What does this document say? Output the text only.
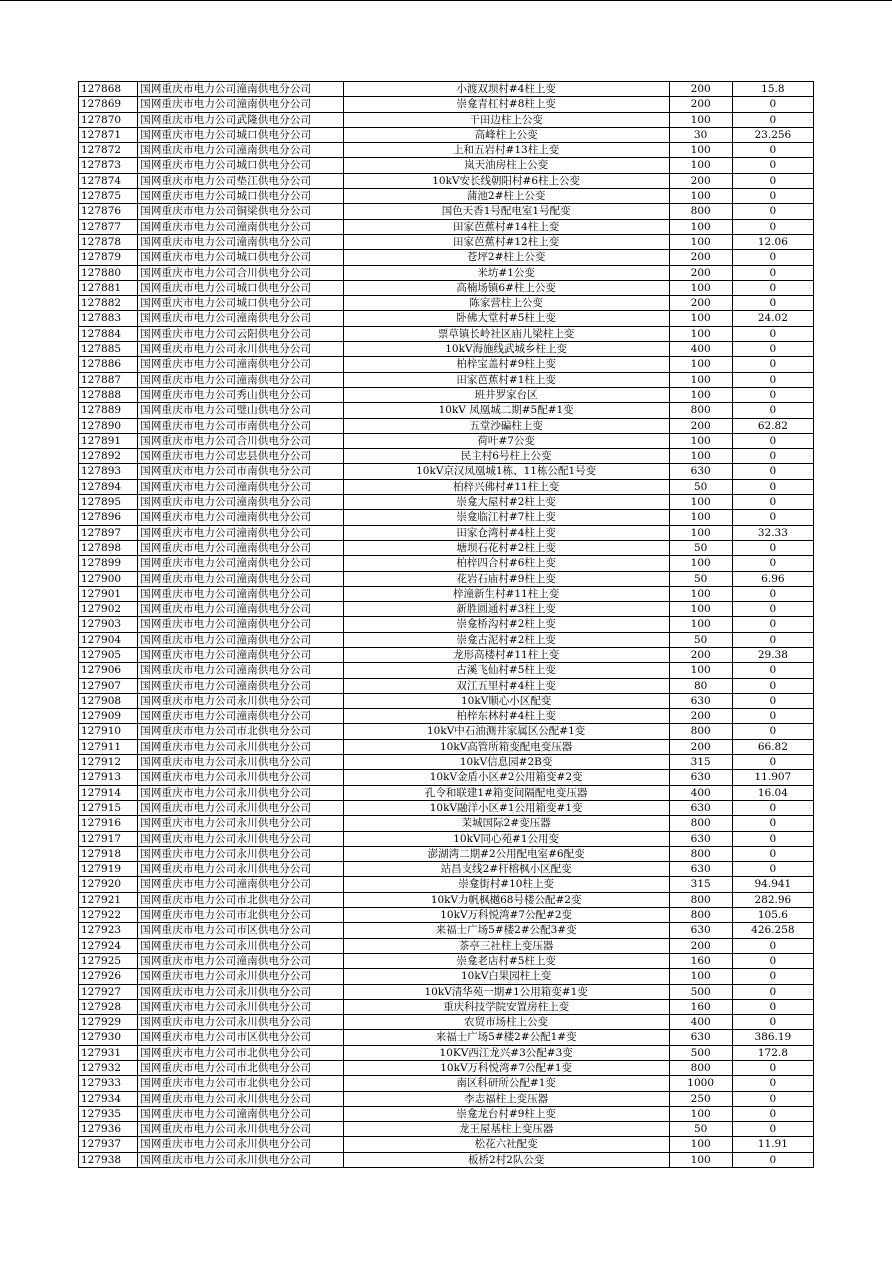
127868	国网重庆市电力公司潼南供电分公司	小渡双坝村#4柱上变	200	15.8
127869	国网重庆市电力公司潼南供电分公司	崇龛青杠村#8柱上变	200	0
127870	国网重庆市电力公司武隆供电分公司	干田边柱上公变	100	0
127871	国网重庆市电力公司城口供电分公司	高峰柱上公变	30	23.256
127872	国网重庆市电力公司潼南供电分公司	上和五岩村#13柱上变	100	0
127873	国网重庆市电力公司城口供电分公司	岚天油房柱上公变	100	0
127874	国网重庆市电力公司垫江供电分公司	10kV安长线朝阳村#6柱上公变	200	0
127875	国网重庆市电力公司城口供电分公司	蒲池2#柱上公变	100	0
127876	国网重庆市电力公司铜梁供电分公司	国色天香1号配电室1号配变	800	0
127877	国网重庆市电力公司潼南供电分公司	田家芭蕉村#14柱上变	100	0
127878	国网重庆市电力公司潼南供电分公司	田家芭蕉村#12柱上变	100	12.06
127879	国网重庆市电力公司城口供电分公司	苍坪2#柱上公变	200	0
127880	国网重庆市电力公司合川供电分公司	米坊#1公变	200	0
127881	国网重庆市电力公司城口供电分公司	高楠场镇6#柱上公变	100	0
127882	国网重庆市电力公司城口供电分公司	陈家营柱上公变	200	0
127883	国网重庆市电力公司潼南供电分公司	卧佛大堂村#5柱上变	100	24.02
127884	国网重庆市电力公司云阳供电分公司	票草镇长岭社区庙儿梁柱上变	100	0
127885	国网重庆市电力公司永川供电分公司	10kV海施线武城乡柱上变	400	0
127886	国网重庆市电力公司潼南供电分公司	柏梓宝盖村#9柱上变	100	0
127887	国网重庆市电力公司潼南供电分公司	田家芭蕉村#1柱上变	100	0
127888	国网重庆市电力公司秀山供电分公司	班井罗家台区	100	0
127889	国网重庆市电力公司璧山供电分公司	10kV 凤凰城二期#5配#1变	800	0
127890	国网重庆市电力公司市南供电分公司	五堂沙碥柱上变	200	62.82
127891	国网重庆市电力公司合川供电分公司	荷叶#7公变	100	0
127892	国网重庆市电力公司忠县供电分公司	民主村6号柱上公变	100	0
127893	国网重庆市电力公司市南供电分公司	10kV京汉凤凰城1栋、11栋公配1号变	630	0
127894	国网重庆市电力公司潼南供电分公司	柏梓兴佛村#11柱上变	50	0
127895	国网重庆市电力公司潼南供电分公司	崇龛大屋村#2柱上变	100	0
127896	国网重庆市电力公司潼南供电分公司	崇龛临江村#7柱上变	100	0
127897	国网重庆市电力公司潼南供电分公司	田家仓湾村#4柱上变	100	32.33
127898	国网重庆市电力公司潼南供电分公司	塘坝石花村#2柱上变	50	0
127899	国网重庆市电力公司潼南供电分公司	柏梓四合村#6柱上变	100	0
127900	国网重庆市电力公司潼南供电分公司	花岩石庙村#9柱上变	50	6.96
127901	国网重庆市电力公司潼南供电分公司	梓潼新生村#11柱上变	100	0
127902	国网重庆市电力公司潼南供电分公司	新胜圆通村#3柱上变	100	0
127903	国网重庆市电力公司潼南供电分公司	崇龛桥沟村#2柱上变	100	0
127904	国网重庆市电力公司潼南供电分公司	崇龛古泥村#2柱上变	50	0
127905	国网重庆市电力公司潼南供电分公司	龙形高楼村#11柱上变	200	29.38
127906	国网重庆市电力公司潼南供电分公司	古溪飞仙村#5柱上变	100	0
127907	国网重庆市电力公司潼南供电分公司	双江五里村#4柱上变	80	0
127908	国网重庆市电力公司永川供电分公司	10kV顺心小区配变	630	0
127909	国网重庆市电力公司潼南供电分公司	柏梓东林村#4柱上变	200	0
127910	国网重庆市电力公司市北供电分公司	10kV中石油测井家属区公配#1变	800	0
127911	国网重庆市电力公司永川供电分公司	10kV高管所箱变配电变压器	200	66.82
127912	国网重庆市电力公司永川供电分公司	10kV信息园#2B变	315	0
127913	国网重庆市电力公司永川供电分公司	10kV金盾小区#2公用箱变#2变	630	11.907
127914	国网重庆市电力公司永川供电分公司	孔令和联建1#箱变间隔配电变压器	400	16.04
127915	国网重庆市电力公司永川供电分公司	10kV融洋小区#1公用箱变#1变	630	0
127916	国网重庆市电力公司永川供电分公司	茉城国际2#变压器	800	0
127917	国网重庆市电力公司永川供电分公司	10kV同心苑#1公用变	630	0
127918	国网重庆市电力公司永川供电分公司	澎湖湾二期#2公用配电室#6配变	800	0
127919	国网重庆市电力公司永川供电分公司	站昌支线2#杆榕枫小区配变	630	0
127920	国网重庆市电力公司潼南供电分公司	崇龛街村#10柱上变	315	94.941
127921	国网重庆市电力公司市北供电分公司	10kV力帆枫樾68号楼公配#2变	800	282.96
127922	国网重庆市电力公司市北供电分公司	10kV万科悦湾#7公配#2变	800	105.6
127923	国网重庆市电力公司市区供电分公司	来福士广场5#楼2#公配3#变	630	426.258
127924	国网重庆市电力公司永川供电分公司	茶亭三社柱上变压器	200	0
127925	国网重庆市电力公司潼南供电分公司	崇龛老店村#5柱上变	160	0
127926	国网重庆市电力公司永川供电分公司	10kV白果园柱上变	100	0
127927	国网重庆市电力公司永川供电分公司	10kV清华苑一期#1公用箱变#1变	500	0
127928	国网重庆市电力公司永川供电分公司	重庆科技学院安置房柱上变	160	0
127929	国网重庆市电力公司永川供电分公司	农贸市场柱上公变	400	0
127930	国网重庆市电力公司市区供电分公司	来福士广场5#楼2#公配1#变	630	386.19
127931	国网重庆市电力公司市北供电分公司	10KV西江龙兴#3公配#3变	500	172.8
127932	国网重庆市电力公司市北供电分公司	10kV万科悦湾#7公配#1变	800	0
127933	国网重庆市电力公司市北供电分公司	南区科研所公配#1变	1000	0
127934	国网重庆市电力公司永川供电分公司	李志福柱上变压器	250	0
127935	国网重庆市电力公司潼南供电分公司	崇龛龙台村#9柱上变	100	0
127936	国网重庆市电力公司永川供电分公司	龙王屋基柱上变压器	50	0
127937	国网重庆市电力公司永川供电分公司	松花六社配变	100	11.91
127938	国网重庆市电力公司永川供电分公司	板桥2村2队公变	100	0
